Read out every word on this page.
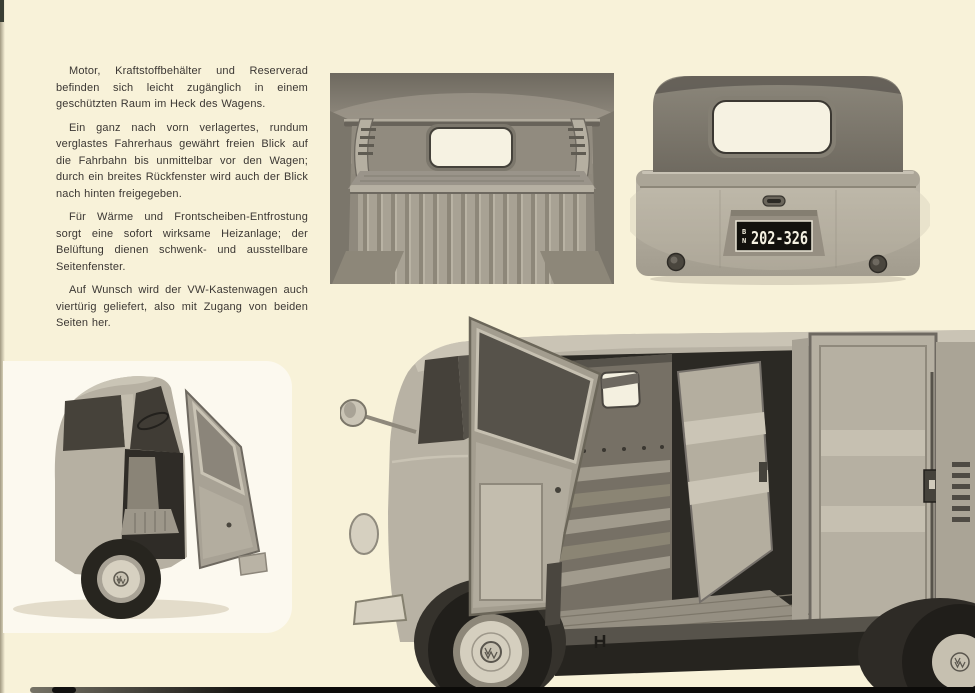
Motor, Kraftstoffbehälter und Reserverad befinden sich leicht zugänglich in einem geschützten Raum im Heck des Wagens.

Ein ganz nach vorn verlagertes, rundum verglastes Fahrerhaus gewährt freien Blick auf die Fahrbahn bis unmittelbar vor den Wagen; durch ein breites Rückfenster wird auch der Blick nach hinten freigegeben.

Für Wärme und Frontscheiben-Entfrostung sorgt eine sofort wirksame Heizanlage; der Belüftung dienen schwenk- und ausstellbare Seitenfenster.

Auf Wunsch wird der VW-Kastenwagen auch viertürig geliefert, also mit Zugang von beiden Seiten her.

B
N 202-326
